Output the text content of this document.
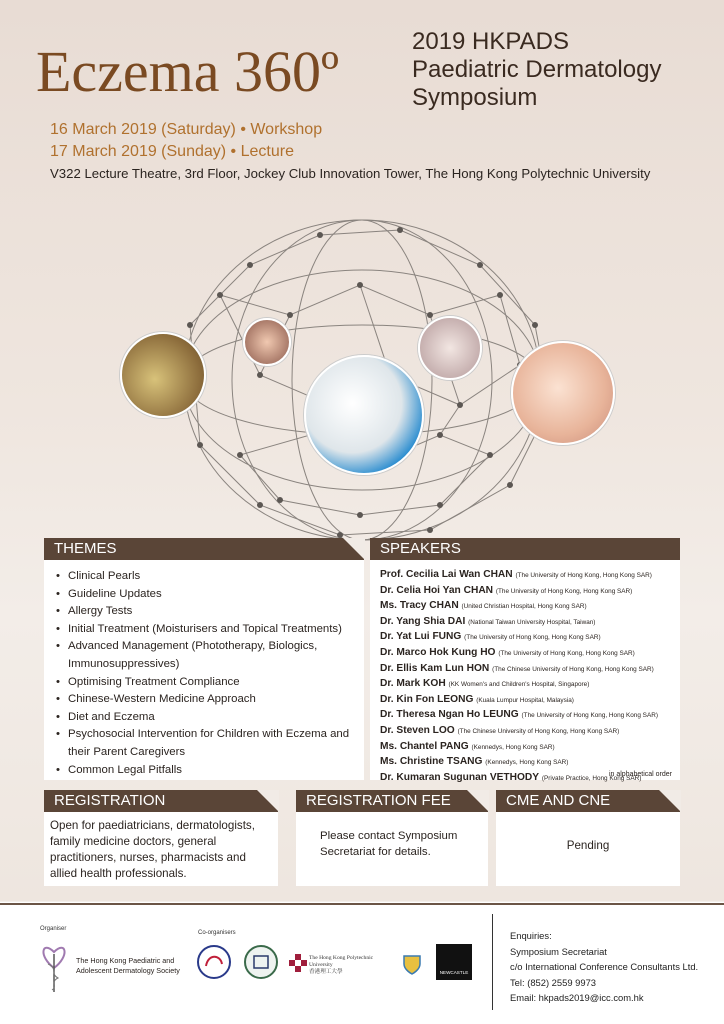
Eczema 360º	2019 HKPADS
Paediatric Dermatology
Symposium
16 March 2019 (Saturday) • Workshop
17 March 2019 (Sunday) • Lecture
V322 Lecture Theatre, 3rd Floor, Jockey Club Innovation Tower, The Hong Kong Polytechnic University
THEMES
• Clinical Pearls
• Guideline Updates
• Allergy Tests
• Initial Treatment (Moisturisers and Topical Treatments)
• Advanced Management (Phototherapy, Biologics, Immunosuppressives)
• Optimising Treatment Compliance
• Chinese-Western Medicine Approach
• Diet and Eczema
• Psychosocial Intervention for Children with Eczema and their Parent Caregivers
• Common Legal Pitfalls
SPEAKERS
Prof. Cecilia Lai Wan CHAN (The University of Hong Kong, Hong Kong SAR)
Dr. Celia Hoi Yan CHAN (The University of Hong Kong, Hong Kong SAR)
Ms. Tracy CHAN (United Christian Hospital, Hong Kong SAR)
Dr. Yang Shia DAI (National Taiwan University Hospital, Taiwan)
Dr. Yat Lui FUNG (The University of Hong Kong, Hong Kong SAR)
Dr. Marco Hok Kung HO (The University of Hong Kong, Hong Kong SAR)
Dr. Ellis Kam Lun HON (The Chinese University of Hong Kong, Hong Kong SAR)
Dr. Mark KOH (KK Women's and Children's Hospital, Singapore)
Dr. Kin Fon LEONG (Kuala Lumpur Hospital, Malaysia)
Dr. Theresa Ngan Ho LEUNG (The University of Hong Kong, Hong Kong SAR)
Dr. Steven LOO (The Chinese University of Hong Kong, Hong Kong SAR)
Ms. Chantel PANG (Kennedys, Hong Kong SAR)
Ms. Christine TSANG (Kennedys, Hong Kong SAR)
Dr. Kumaran Sugunan VETHODY (Private Practice, Hong Kong SAR)
in alphabetical order
REGISTRATION
Open for paediatricians, dermatologists, family medicine doctors, general practitioners, nurses, pharmacists and allied health professionals.
REGISTRATION FEE
Please contact Symposium Secretariat for details.
CME AND CNE
Pending
Organiser
The Hong Kong Paediatric and Adolescent Dermatology Society
Co-organisers
The Hong Kong Polytechnic University
香港理工大學	NEWCASTLE
Enquiries:
Symposium Secretariat
c/o International Conference Consultants Ltd.
Tel: (852) 2559 9973
Email: hkpads2019@icc.com.hk
